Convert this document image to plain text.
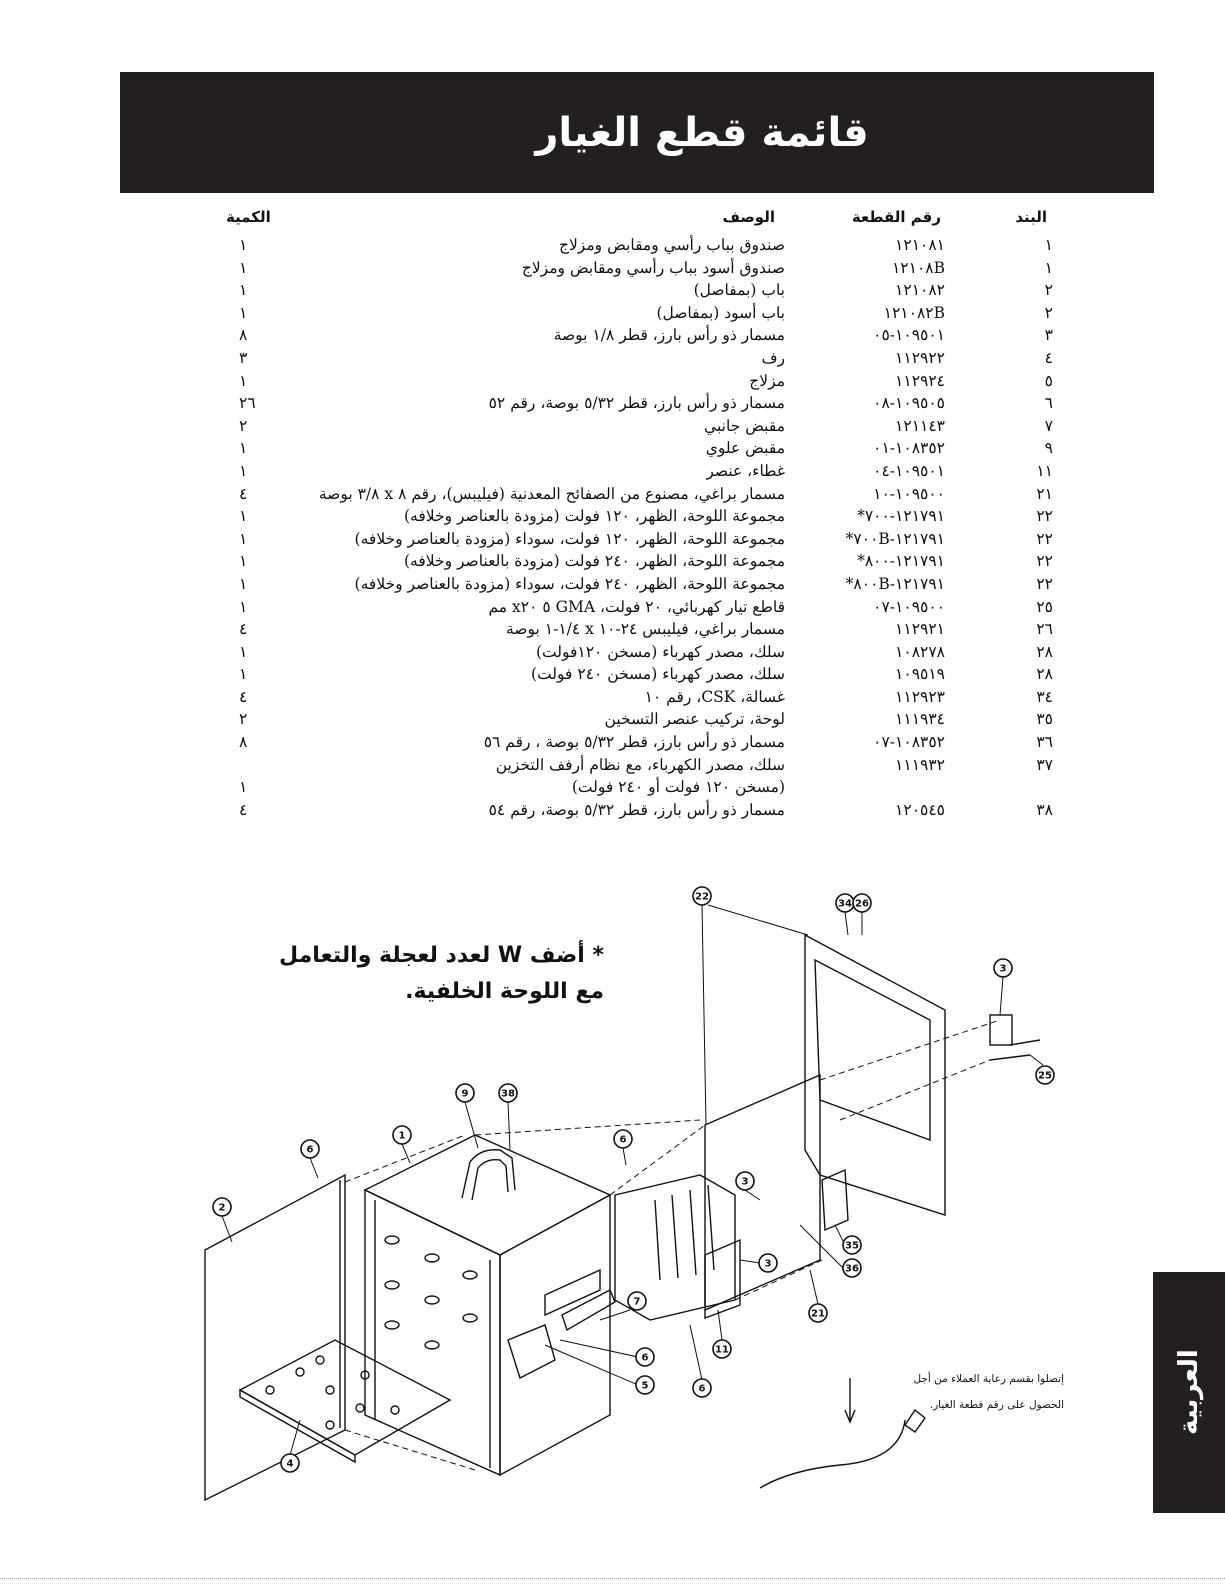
قائمة قطع الغيار
البند
رقم القطعة
الوصف
الكمية
١
١٢١٠٨١
صندوق بباب رأسي ومقابض ومزلاج
١
١
١٢١٠٨B
صندوق أسود بباب رأسي ومقابض ومزلاج
١
٢
١٢١٠٨٢
باب (بمفاصل)
١
٢
١٢١٠٨٢B
باب أسود (بمفاصل)
١
٣
١٠٩٥٠١-٠٥
مسمار ذو رأس بارز، قطر ١/٨ بوصة
٨
٤
١١٢٩٢٢
رف
٣
٥
١١٢٩٢٤
مزلاج
١
٦
١٠٩٥٠٥-٠٨
مسمار ذو رأس بارز، قطر ٥/٣٢ بوصة، رقم ٥٢
٢٦
٧
١٢١١٤٣
مقبض جانبي
٢
٩
١٠٨٣٥٢-٠١
مقبض علوي
١
١١
١٠٩٥٠١-٠٤
غطاء، عنصر
١
٢١
١٠٩٥٠٠-١٠
مسمار براغي، مصنوع من الصفائح المعدنية (فيليبس)، رقم ٨ x ٣/٨ بوصة
٤
٢٢
١٢١٧٩١-٧٠٠*
مجموعة اللوحة، الظهر، ١٢٠ فولت (مزودة بالعناصر وخلافه)
١
٢٢
١٢١٧٩١-٧٠٠B*
مجموعة اللوحة، الظهر، ١٢٠ فولت، سوداء (مزودة بالعناصر وخلافه)
١
٢٢
١٢١٧٩١-٨٠٠*
مجموعة اللوحة، الظهر، ٢٤٠ فولت (مزودة بالعناصر وخلافه)
١
٢٢
١٢١٧٩١-٨٠٠B*
مجموعة اللوحة، الظهر، ٢٤٠ فولت، سوداء (مزودة بالعناصر وخلافه)
١
٢٥
١٠٩٥٠٠-٠٧
قاطع تيار كهربائي، ٢٠ فولت، GMA ٥ x٢٠ مم
١
٢٦
١١٢٩٢١
مسمار براغي، فيليبس ٢٤-١٠ x ١/٤-١ بوصة
٤
٢٨
١٠٨٢٧٨
سلك، مصدر كهرباء (مسخن ١٢٠فولت)
١
٢٨
١٠٩٥١٩
سلك، مصدر كهرباء (مسخن ٢٤٠ فولت)
١
٣٤
١١٢٩٢٣
غسالة، CSK، رقم ١٠
٤
٣٥
١١١٩٣٤
لوحة، تركيب عنصر التسخين
٢
٣٦
١٠٨٣٥٢-٠٧
مسمار ذو رأس بارز، قطر ٥/٣٢ بوصة ، رقم ٥٦
٨
٣٧
١١١٩٣٢
سلك، مصدر الكهرباء، مع نظام أرفف التخزين
(مسخن ١٢٠ فولت أو ٢٤٠ فولت)
١
٣٨
١٢٠٥٤٥
مسمار ذو رأس بارز، قطر ٥/٣٢ بوصة، رقم ٥٤
٤
* أضف W لعدد لعجلة والتعامل
مع اللوحة الخلفية.
إتصلوا بقسم رعاية العملاء من أجل
الحصول على رقم قطعة الغيار.
22
34 26
3
25
9	38
1
6
2
6
3
7
6
5
3
11
6
35
36
21
4
العربية
